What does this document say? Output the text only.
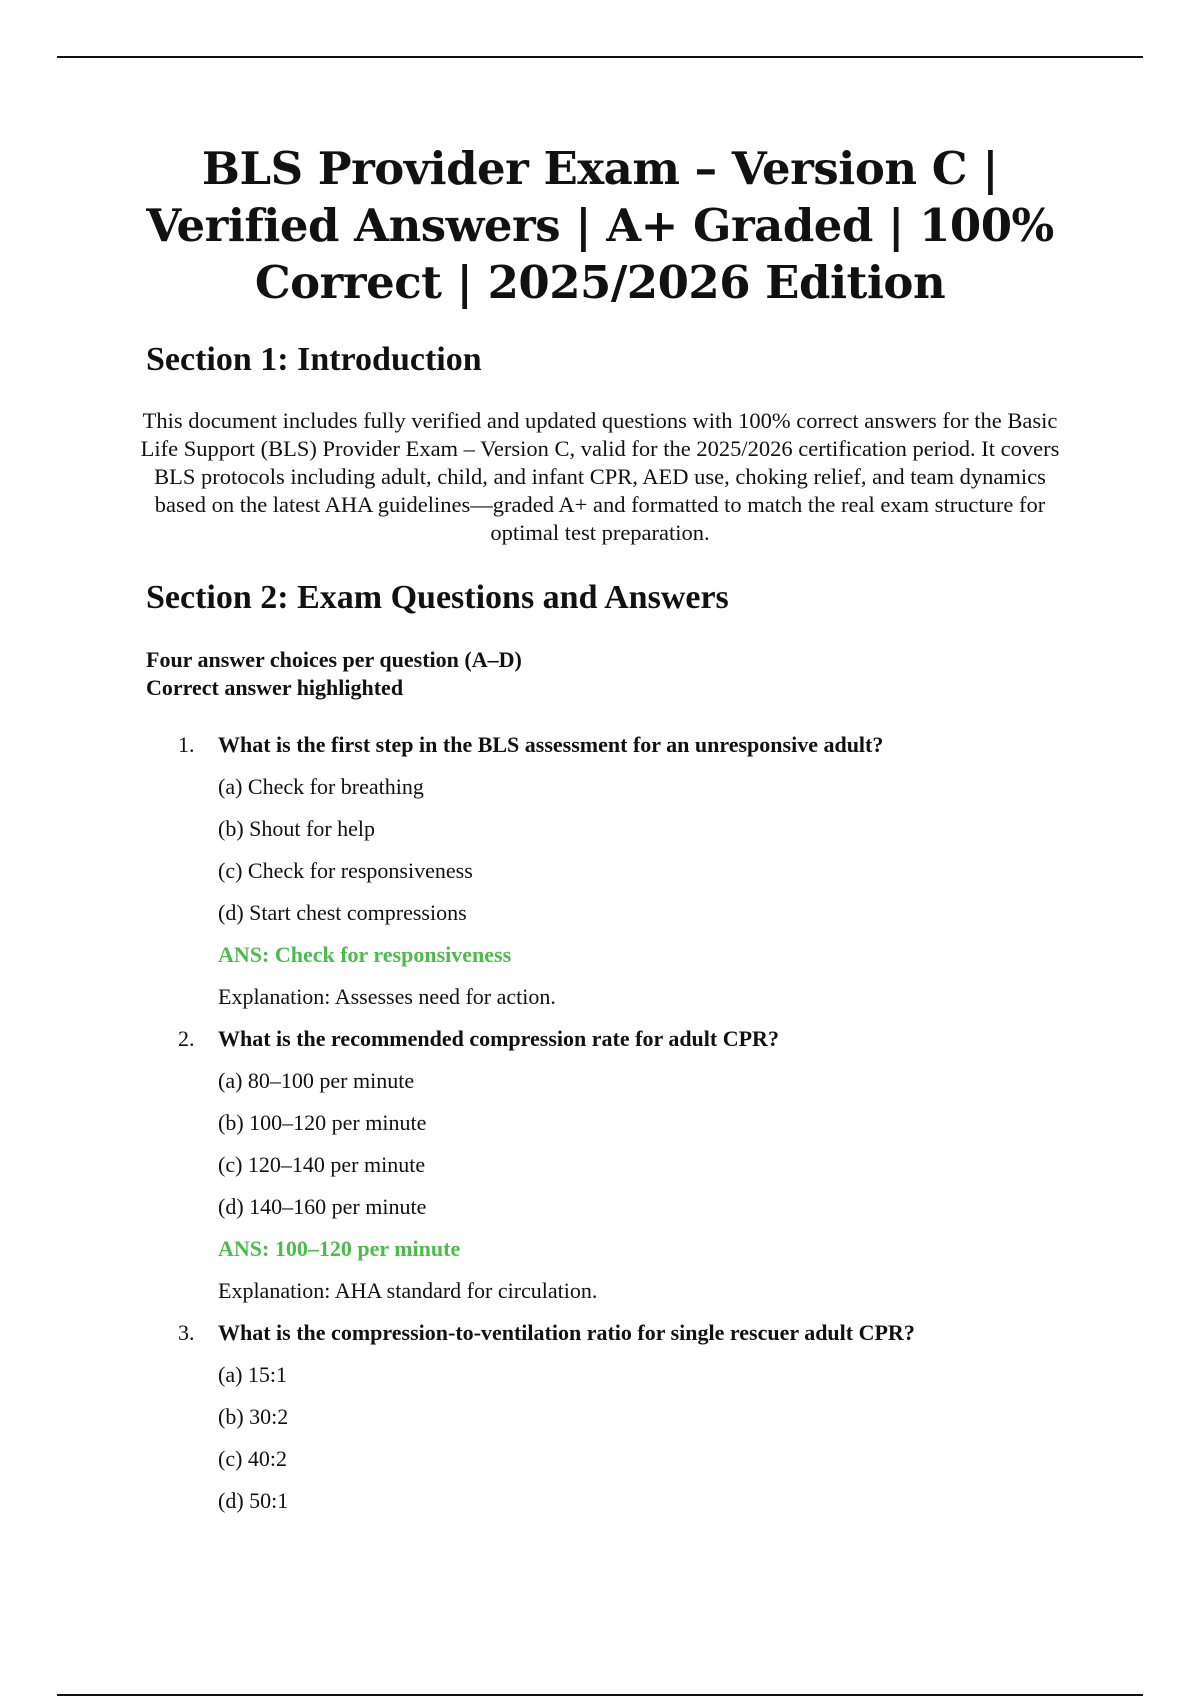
BLS Provider Exam – Version C | Verified Answers | A+ Graded | 100% Correct | 2025/2026 Edition
Section 1: Introduction

This document includes fully verified and updated questions with 100% correct answers for the Basic Life Support (BLS) Provider Exam – Version C, valid for the 2025/2026 certification period. It covers BLS protocols including adult, child, and infant CPR, AED use, choking relief, and team dynamics based on the latest AHA guidelines—graded A+ and formatted to match the real exam structure for optimal test preparation.

Section 2: Exam Questions and Answers
Four answer choices per question (A–D)
Correct answer highlighted
1. What is the first step in the BLS assessment for an unresponsive adult?
(a) Check for breathing
(b) Shout for help
(c) Check for responsiveness
(d) Start chest compressions
ANS: Check for responsiveness
Explanation: Assesses need for action.
2. What is the recommended compression rate for adult CPR?
(a) 80–100 per minute
(b) 100–120 per minute
(c) 120–140 per minute
(d) 140–160 per minute
ANS: 100–120 per minute
Explanation: AHA standard for circulation.
3. What is the compression-to-ventilation ratio for single rescuer adult CPR?
(a) 15:1
(b) 30:2
(c) 40:2
(d) 50:1
